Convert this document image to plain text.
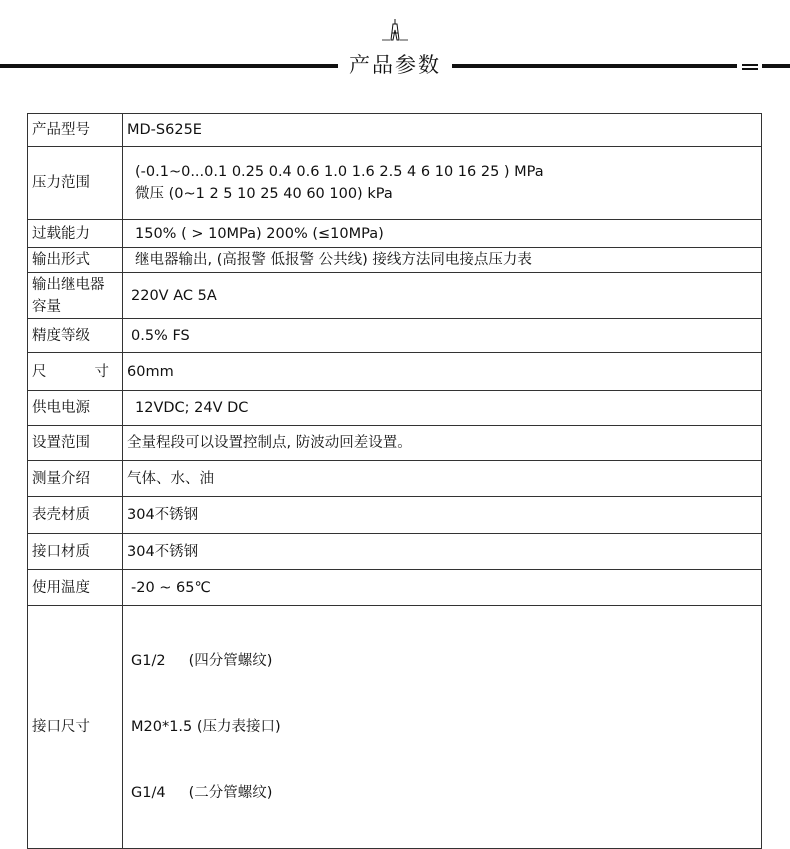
产品参数
产品型号	MD-S625E
压力范围	(-0.1~0...0.1 0.25 0.4 0.6 1.0 1.6 2.5 4 6 10 16 25 ) MPa
微压 (0~1 2 5 10 25 40 60 100) kPa

过载能力	150% ( > 10MPa) 200% (≤10MPa)
输出形式	继电器输出, (高报警 低报警 公共线) 接线方法同电接点压力表

输出继电器
容量	220V AC 5A
精度等级	0.5% FS
尺 寸	60mm
供电电源	12VDC; 24V DC
设置范围	全量程段可以设置控制点, 防波动回差设置。
测量介绍	气体、水、油
表壳材质	304不锈钢
接口材质	304不锈钢
使用温度	-20 ~ 65℃
接口尺寸	G1/2     (四分管螺纹)

M20*1.5 (压力表接口)

G1/4     (二分管螺纹)
